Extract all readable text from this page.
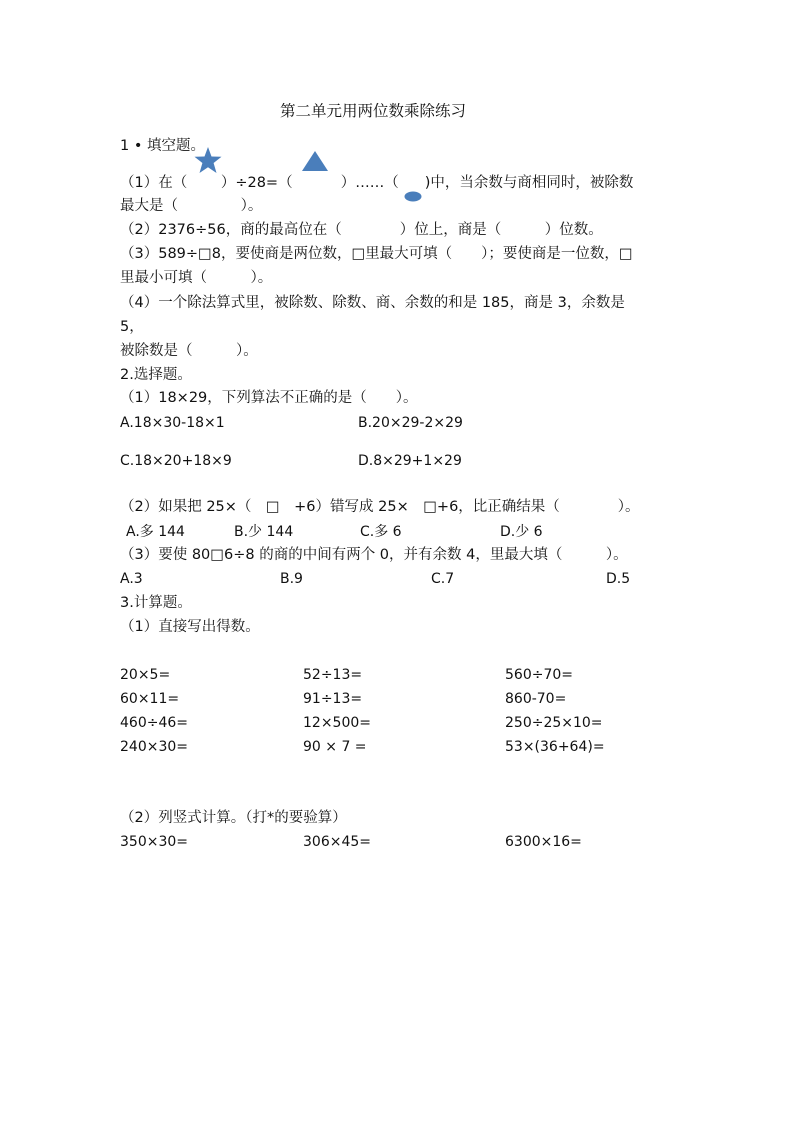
第二单元用两位数乘除练习
1 • 填空题。
（1）在（　　 ）÷28=（　　　 ）……（ )中，当余数与商相同时，被除数
最大是（　　　　 ）。
（2）2376÷56，商的最高位在（　　　　）位上，商是（　　　）位数。
（3）589÷□8，要使商是两位数，□里最大可填（　　）；要使商是一位数，□
里最小可填（　　　）。
（4）一个除法算式里，被除数、除数、商、余数的和是 185，商是 3，余数是
5，
被除数是（　　　）。
2.选择题。
（1）18×29，下列算法不正确的是（　　）。
A.18×30-18×1	B.20×29-2×29
C.18×20+18×9	D.8×29+1×29
（2）如果把 25×（　□　+6）错写成 25×　□+6，比正确结果（　　　　）。
A.多 144	B.少 144	C.多 6	D.少 6
（3）要使 80□6÷8 的商的中间有两个 0，并有余数 4，里最大填（　　　）。
A.3	B.9	C.7	D.5
3.计算题。
（1）直接写出得数。
20×5=	52÷13=	560÷70=
60×11=	91÷13=	860-70=
460÷46=	12×500=	250÷25×10=
240×30=	90 × 7 =	53×(36+64)=
（2）列竖式计算。（打*的要验算）
350×30=	306×45=	6300×16=
